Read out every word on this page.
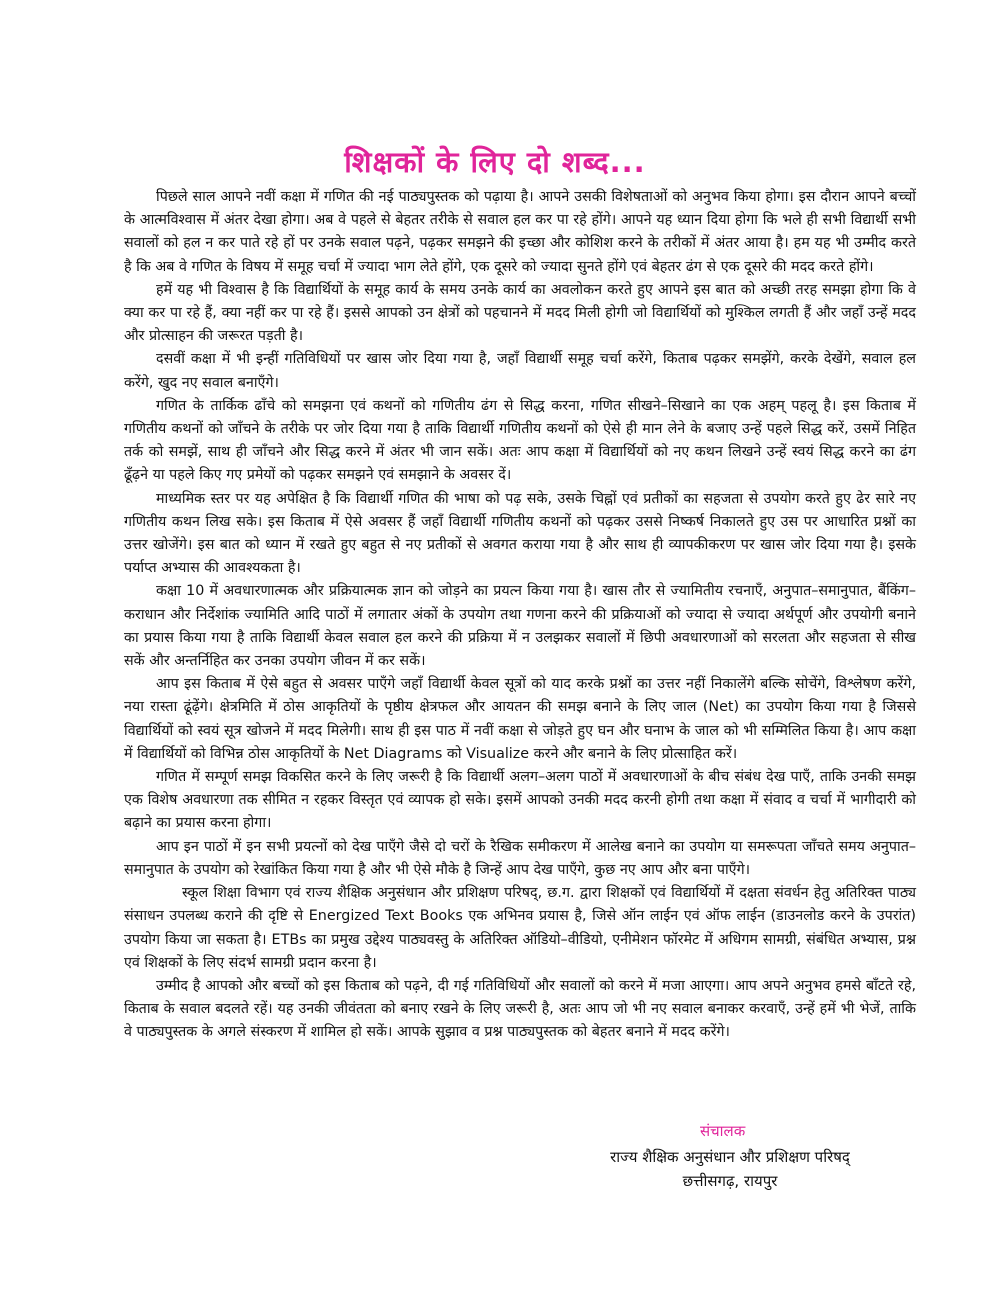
शिक्षकों के लिए दो शब्द...

पिछले साल आपने नवीं कक्षा में गणित की नई पाठ्यपुस्तक को पढ़ाया है। आपने उसकी विशेषताओं को अनुभव किया होगा। इस दौरान आपने बच्चों के आत्मविश्वास में अंतर देखा होगा। अब वे पहले से बेहतर तरीके से सवाल हल कर पा रहे होंगे। आपने यह ध्यान दिया होगा कि भले ही सभी विद्यार्थी सभी सवालों को हल न कर पाते रहे हों पर उनके सवाल पढ़ने, पढ़कर समझने की इच्छा और कोशिश करने के तरीकों में अंतर आया है। हम यह भी उम्मीद करते है कि अब वे गणित के विषय में समूह चर्चा में ज्यादा भाग लेते होंगे, एक दूसरे को ज्यादा सुनते होंगे एवं बेहतर ढंग से एक दूसरे की मदद करते होंगे।

हमें यह भी विश्वास है कि विद्यार्थियों के समूह कार्य के समय उनके कार्य का अवलोकन करते हुए आपने इस बात को अच्छी तरह समझा होगा कि वे क्या कर पा रहे हैं, क्या नहीं कर पा रहे हैं। इससे आपको उन क्षेत्रों को पहचानने में मदद मिली होगी जो विद्यार्थियों को मुश्किल लगती हैं और जहाँ उन्हें मदद और प्रोत्साहन की जरूरत पड़ती है।

दसवीं कक्षा में भी इन्हीं गतिविधियों पर खास जोर दिया गया है, जहाँ विद्यार्थी समूह चर्चा करेंगे, किताब पढ़कर समझेंगे, करके देखेंगे, सवाल हल करेंगे, खुद नए सवाल बनाएँगे।

गणित के तार्किक ढाँचे को समझना एवं कथनों को गणितीय ढंग से सिद्ध करना, गणित सीखने–सिखाने का एक अहम् पहलू है। इस किताब में गणितीय कथनों को जाँचने के तरीके पर जोर दिया गया है ताकि विद्यार्थी गणितीय कथनों को ऐसे ही मान लेने के बजाए उन्हें पहले सिद्ध करें, उसमें निहित तर्क को समझें, साथ ही जाँचने और सिद्ध करने में अंतर भी जान सकें। अतः आप कक्षा में विद्यार्थियों को नए कथन लिखने उन्हें स्वयं सिद्ध करने का ढंग ढूँढ़ने या पहले किए गए प्रमेयों को पढ़कर समझने एवं समझाने के अवसर दें।

माध्यमिक स्तर पर यह अपेक्षित है कि विद्यार्थी गणित की भाषा को पढ़ सके, उसके चिह्नों एवं प्रतीकों का सहजता से उपयोग करते हुए ढेर सारे नए गणितीय कथन लिख सके। इस किताब में ऐसे अवसर हैं जहाँ विद्यार्थी गणितीय कथनों को पढ़कर उससे निष्कर्ष निकालते हुए उस पर आधारित प्रश्नों का उत्तर खोजेंगे। इस बात को ध्यान में रखते हुए बहुत से नए प्रतीकों से अवगत कराया गया है और साथ ही व्यापकीकरण पर खास जोर दिया गया है। इसके पर्याप्त अभ्यास की आवश्यकता है।

कक्षा 10 में अवधारणात्मक और प्रक्रियात्मक ज्ञान को जोड़ने का प्रयत्न किया गया है। खास तौर से ज्यामितीय रचनाएँ, अनुपात–समानुपात, बैंकिंग–कराधान और निर्देशांक ज्यामिति आदि पाठों में लगातार अंकों के उपयोग तथा गणना करने की प्रक्रियाओं को ज्यादा से ज्यादा अर्थपूर्ण और उपयोगी बनाने का प्रयास किया गया है ताकि विद्यार्थी केवल सवाल हल करने की प्रक्रिया में न उलझकर सवालों में छिपी अवधारणाओं को सरलता और सहजता से सीख सकें और अन्तर्निहित कर उनका उपयोग जीवन में कर सकें।

आप इस किताब में ऐसे बहुत से अवसर पाएँगे जहाँ विद्यार्थी केवल सूत्रों को याद करके प्रश्नों का उत्तर नहीं निकालेंगे बल्कि सोचेंगे, विश्लेषण करेंगे, नया रास्ता ढूंढ़ेंगे। क्षेत्रमिति में ठोस आकृतियों के पृष्ठीय क्षेत्रफल और आयतन की समझ बनाने के लिए जाल (Net) का उपयोग किया गया है जिससे विद्यार्थियों को स्वयं सूत्र खोजने में मदद मिलेगी। साथ ही इस पाठ में नवीं कक्षा से जोड़ते हुए घन और घनाभ के जाल को भी सम्मिलित किया है। आप कक्षा में विद्यार्थियों को विभिन्न ठोस आकृतियों के Net Diagrams को Visualize करने और बनाने के लिए प्रोत्साहित करें।

गणित में सम्पूर्ण समझ विकसित करने के लिए जरूरी है कि विद्यार्थी अलग–अलग पाठों में अवधारणाओं के बीच संबंध देख पाएँ, ताकि उनकी समझ एक विशेष अवधारणा तक सीमित न रहकर विस्तृत एवं व्यापक हो सके। इसमें आपको उनकी मदद करनी होगी तथा कक्षा में संवाद व चर्चा में भागीदारी को बढ़ाने का प्रयास करना होगा।

आप इन पाठों में इन सभी प्रयत्नों को देख पाएँगे जैसे दो चरों के रैखिक समीकरण में आलेख बनाने का उपयोग या समरूपता जाँचते समय अनुपात–समानुपात के उपयोग को रेखांकित किया गया है और भी ऐसे मौके है जिन्हें आप देख पाएँगे, कुछ नए आप और बना पाएँगे।

स्कूल शिक्षा विभाग एवं राज्य शैक्षिक अनुसंधान और प्रशिक्षण परिषद्, छ.ग. द्वारा शिक्षकों एवं विद्यार्थियों में दक्षता संवर्धन हेतु अतिरिक्त पाठ्य संसाधन उपलब्ध कराने की दृष्टि से Energized Text Books एक अभिनव प्रयास है, जिसे ऑन लाईन एवं ऑफ लाईन (डाउनलोड करने के उपरांत) उपयोग किया जा सकता है। ETBs का प्रमुख उद्देश्य पाठ्यवस्तु के अतिरिक्त ऑडियो–वीडियो, एनीमेशन फॉरमेट में अधिगम सामग्री, संबंधित अभ्यास, प्रश्न एवं शिक्षकों के लिए संदर्भ सामग्री प्रदान करना है।

उम्मीद है आपको और बच्चों को इस किताब को पढ़ने, दी गई गतिविधियों और सवालों को करने में मजा आएगा। आप अपने अनुभव हमसे बाँटते रहे, किताब के सवाल बदलते रहें। यह उनकी जीवंतता को बनाए रखने के लिए जरूरी है, अतः आप जो भी नए सवाल बनाकर करवाएँ, उन्हें हमें भी भेजें, ताकि वे पाठ्यपुस्तक के अगले संस्करण में शामिल हो सकें। आपके सुझाव व प्रश्न पाठ्यपुस्तक को बेहतर बनाने में मदद करेंगे।

संचालक

राज्य शैक्षिक अनुसंधान और प्रशिक्षण परिषद्
छत्तीसगढ़, रायपुर
